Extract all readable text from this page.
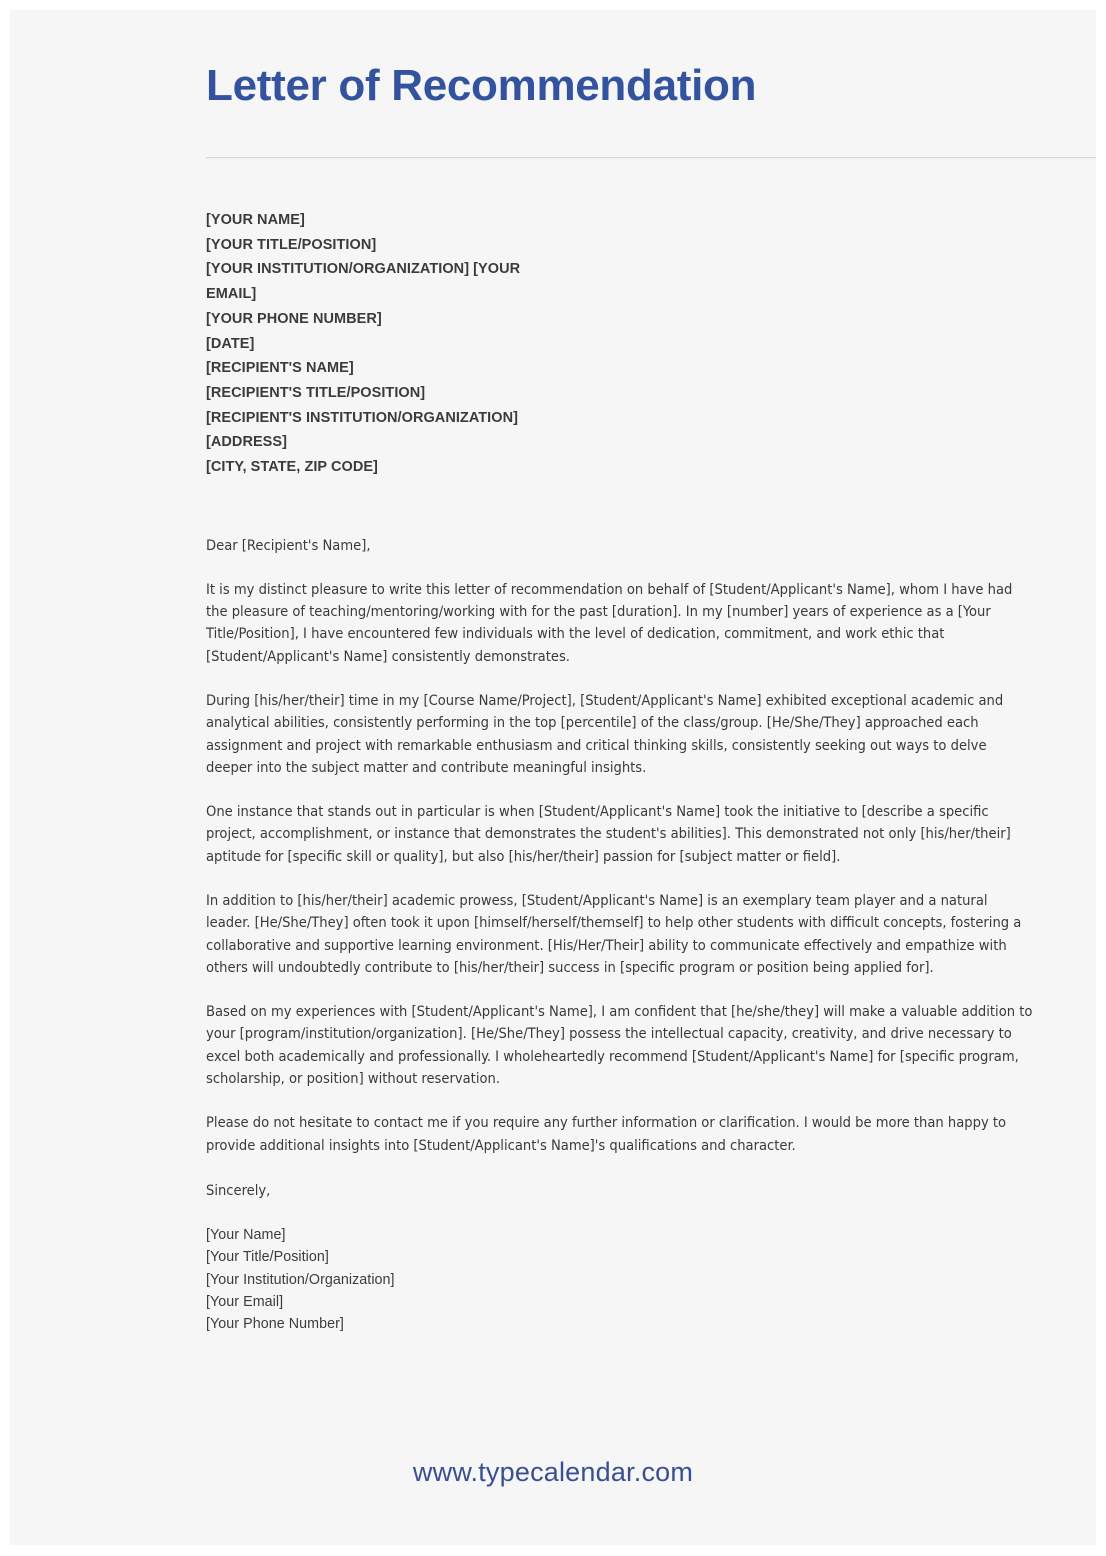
Letter of Recommendation
[YOUR NAME]
[YOUR TITLE/POSITION]
[YOUR INSTITUTION/ORGANIZATION] [YOUR EMAIL]
[YOUR PHONE NUMBER]
[DATE]
[RECIPIENT'S NAME]
[RECIPIENT'S TITLE/POSITION]
[RECIPIENT'S INSTITUTION/ORGANIZATION]
[ADDRESS]
[CITY, STATE, ZIP CODE]
Dear [Recipient's Name],
It is my distinct pleasure to write this letter of recommendation on behalf of [Student/Applicant's Name], whom I have had the pleasure of teaching/mentoring/working with for the past [duration]. In my [number] years of experience as a [Your Title/Position], I have encountered few individuals with the level of dedication, commitment, and work ethic that [Student/Applicant's Name] consistently demonstrates.
During [his/her/their] time in my [Course Name/Project], [Student/Applicant's Name] exhibited exceptional academic and analytical abilities, consistently performing in the top [percentile] of the class/group. [He/She/They] approached each assignment and project with remarkable enthusiasm and critical thinking skills, consistently seeking out ways to delve deeper into the subject matter and contribute meaningful insights.
One instance that stands out in particular is when [Student/Applicant's Name] took the initiative to [describe a specific project, accomplishment, or instance that demonstrates the student's abilities]. This demonstrated not only [his/her/their] aptitude for [specific skill or quality], but also [his/her/their] passion for [subject matter or field].
In addition to [his/her/their] academic prowess, [Student/Applicant's Name] is an exemplary team player and a natural leader. [He/She/They] often took it upon [himself/herself/themself] to help other students with difficult concepts, fostering a collaborative and supportive learning environment. [His/Her/Their] ability to communicate effectively and empathize with others will undoubtedly contribute to [his/her/their] success in [specific program or position being applied for].
Based on my experiences with [Student/Applicant's Name], I am confident that [he/she/they] will make a valuable addition to your [program/institution/organization]. [He/She/They] possess the intellectual capacity, creativity, and drive necessary to excel both academically and professionally. I wholeheartedly recommend [Student/Applicant's Name] for [specific program, scholarship, or position] without reservation.
Please do not hesitate to contact me if you require any further information or clarification. I would be more than happy to provide additional insights into [Student/Applicant's Name]'s qualifications and character.
Sincerely,
[Your Name]
[Your Title/Position]
[Your Institution/Organization]
[Your Email]
[Your Phone Number]
www.typecalendar.com
